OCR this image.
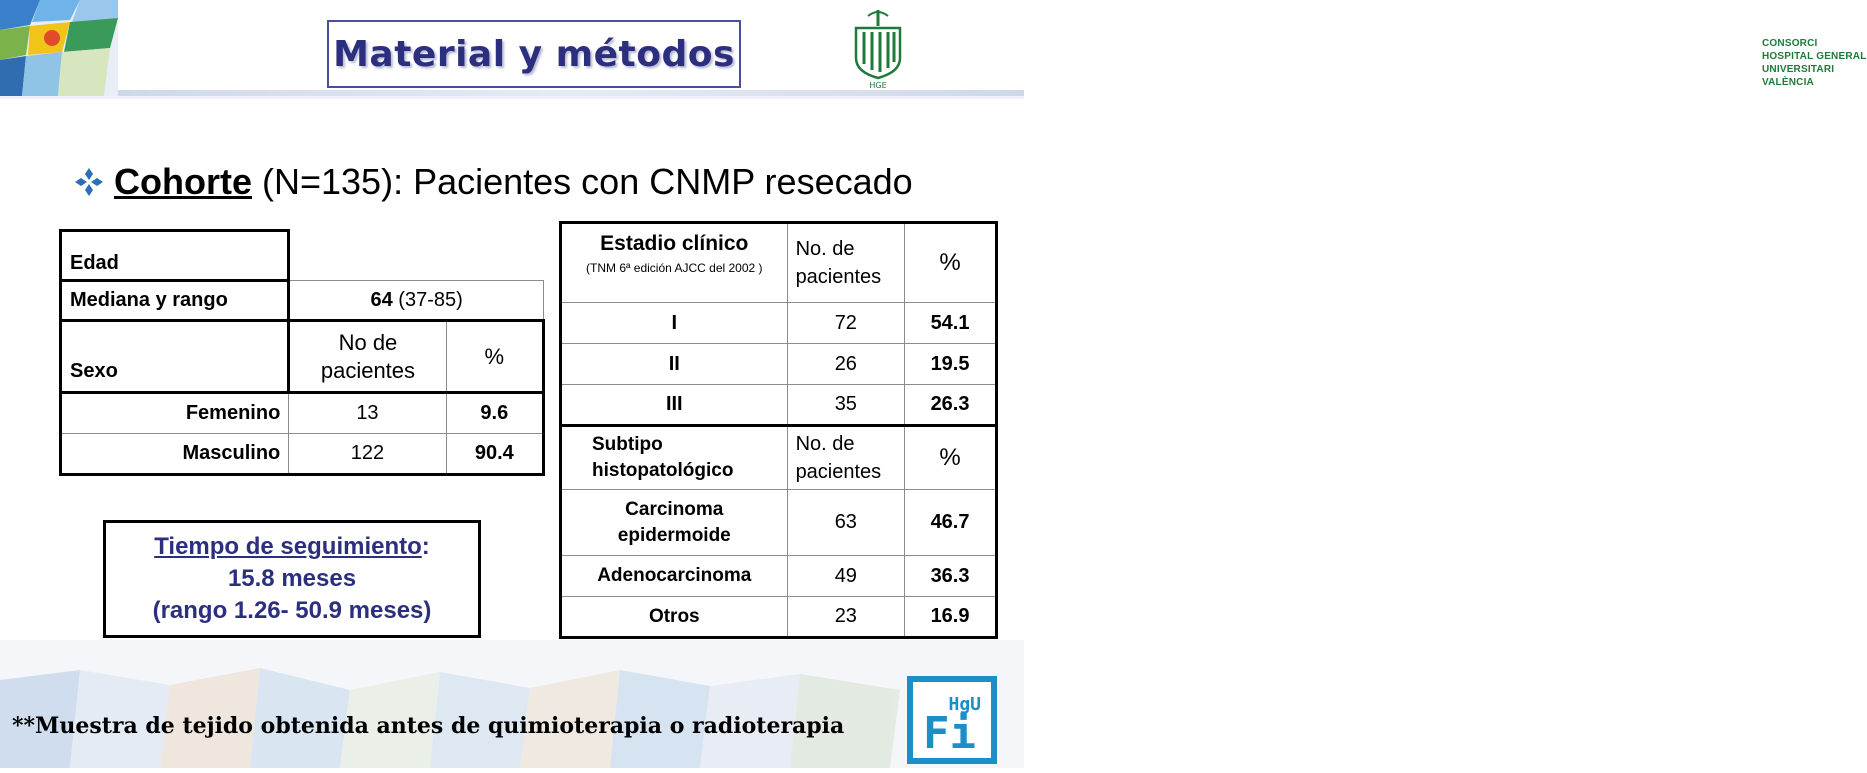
Material y métodos
HGE
CONSORCI
HOSPITAL GENERAL
UNIVERSITARI
VALÈNCIA
Cohorte (N=135): Pacientes con CNMP resecado
Edad		
Mediana y rango	64 (37-85)	
Sexo	No de pacientes	%
Femenino	13	9.6
Masculino	122	90.4
Estadio clínico
(TNM 6ª edición AJCC del 2002 )	No. de pacientes	%
I	72	54.1
II	26	19.5
III	35	26.3
Subtipo histopatológico	No. de pacientes	%
Carcinoma epidermoide	63	46.7
Adenocarcinoma	49	36.3
Otros	23	16.9
Tiempo de seguimiento:
15.8 meses
(rango 1.26- 50.9 meses)
**Muestra de tejido obtenida antes de quimioterapia o radioterapia
HgU
Fi
